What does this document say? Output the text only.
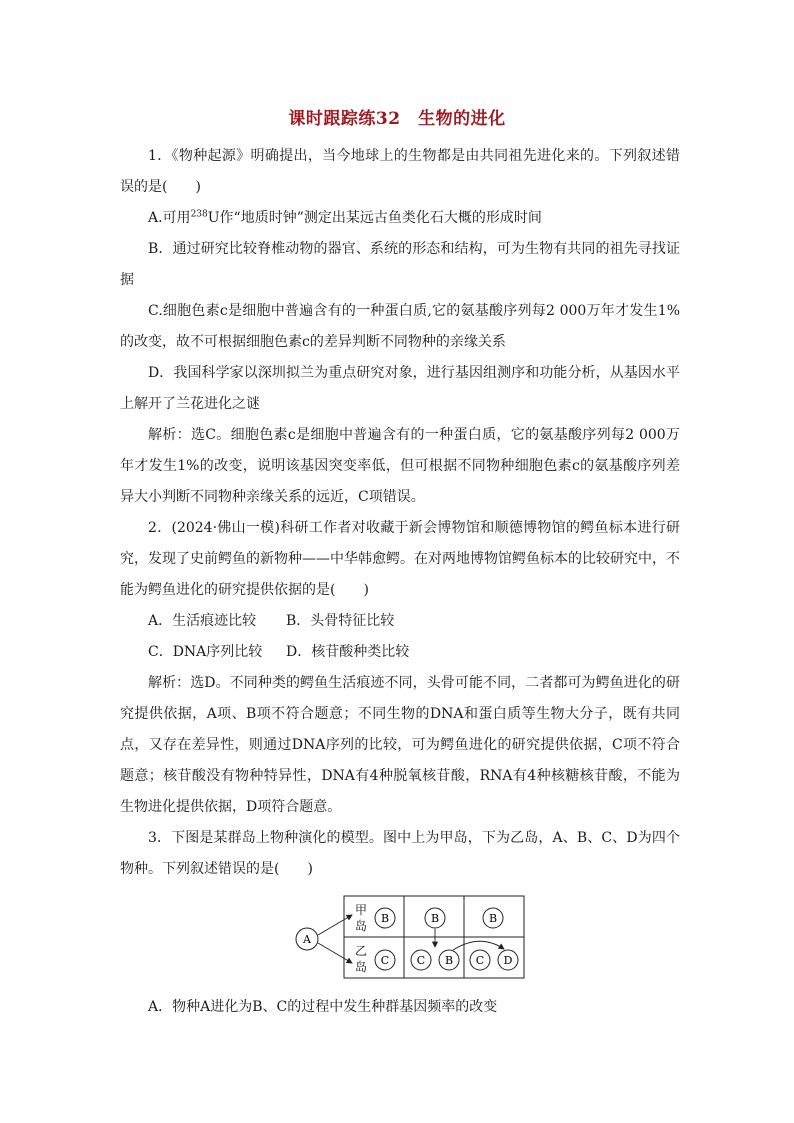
课时跟踪练32　生物的进化

1．《物种起源》明确提出，当今地球上的生物都是由共同祖先进化来的。下列叙述错误的是(　　)

A.可用$^{238}$U作“地质时钟”测定出某远古鱼类化石大概的形成时间

B．通过研究比较脊椎动物的器官、系统的形态和结构，可为生物有共同的祖先寻找证据

C.细胞色素c是细胞中普遍含有的一种蛋白质,它的氨基酸序列每2 000万年才发生1%的改变，故不可根据细胞色素c的差异判断不同物种的亲缘关系

D．我国科学家以深圳拟兰为重点研究对象，进行基因组测序和功能分析，从基因水平上解开了兰花进化之谜

解析：选C。细胞色素c是细胞中普遍含有的一种蛋白质，它的氨基酸序列每2 000万年才发生1%的改变，说明该基因突变率低，但可根据不同物种细胞色素c的氨基酸序列差异大小判断不同物种亲缘关系的远近，C项错误。

2．(2024·佛山一模)科研工作者对收藏于新会博物馆和顺德博物馆的鳄鱼标本进行研究，发现了史前鳄鱼的新物种——中华韩愈鳄。在对两地博物馆鳄鱼标本的比较研究中，不能为鳄鱼进化的研究提供依据的是(　　)

A．生活痕迹比较 B．头骨特征比较
C．DNA序列比较 D．核苷酸种类比较

解析：选D。不同种类的鳄鱼生活痕迹不同，头骨可能不同，二者都可为鳄鱼进化的研究提供依据，A项、B项不符合题意；不同生物的DNA和蛋白质等生物大分子，既有共同点，又存在差异性，则通过DNA序列的比较，可为鳄鱼进化的研究提供依据，C项不符合题意；核苷酸没有物种特异性，DNA有4种脱氧核苷酸，RNA有4种核糖核苷酸，不能为生物进化提供依据，D项符合题意。

3．下图是某群岛上物种演化的模型。图中上为甲岛，下为乙岛，A、B、C、D为四个物种。下列叙述错误的是(　　)

甲
岛
乙
岛
A
B	B	B
C	C B C D

A．物种A进化为B、C的过程中发生种群基因频率的改变
